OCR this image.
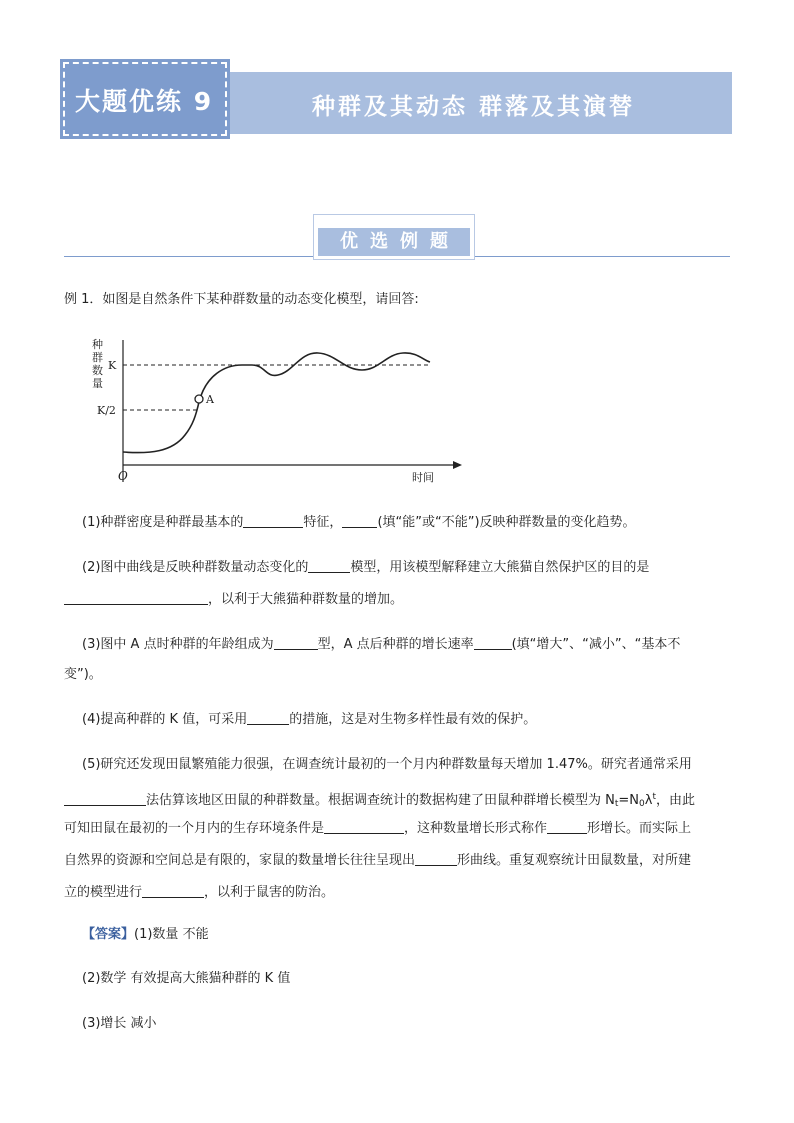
大题优练 9	种群及其动态 群落及其演替
优选例题
例 1．如图是自然条件下某种群数量的动态变化模型，请回答:
A
种
群
数
量
K
K/2
O	时间
(1)种群密度是种群最基本的	特征，	(填“能”或“不能”)反映种群数量的变化趋势。
(2)图中曲线是反映种群数量动态变化的	模型，用该模型解释建立大熊猫自然保护区的目的是
，以利于大熊猫种群数量的增加。
(3)图中 A 点时种群的年龄组成为	型，A 点后种群的增长速率	(填“增大”、“减小”、“基本不
变”)。
(4)提高种群的 K 值，可采用	的措施，这是对生物多样性最有效的保护。
(5)研究还发现田鼠繁殖能力很强，在调查统计最初的一个月内种群数量每天增加 1.47%。研究者通常采用
法估算该地区田鼠的种群数量。根据调查统计的数据构建了田鼠种群增长模型为 $N_t=N_0\lambda^t$，由此
可知田鼠在最初的一个月内的生存环境条件是	，这种数量增长形式称作	形增长。而实际上
自然界的资源和空间总是有限的，家鼠的数量增长往往呈现出	形曲线。重复观察统计田鼠数量，对所建
立的模型进行	，以利于鼠害的防治。
【答案】(1)数量 不能
(2)数学 有效提高大熊猫种群的 K 值
(3)增长 减小
